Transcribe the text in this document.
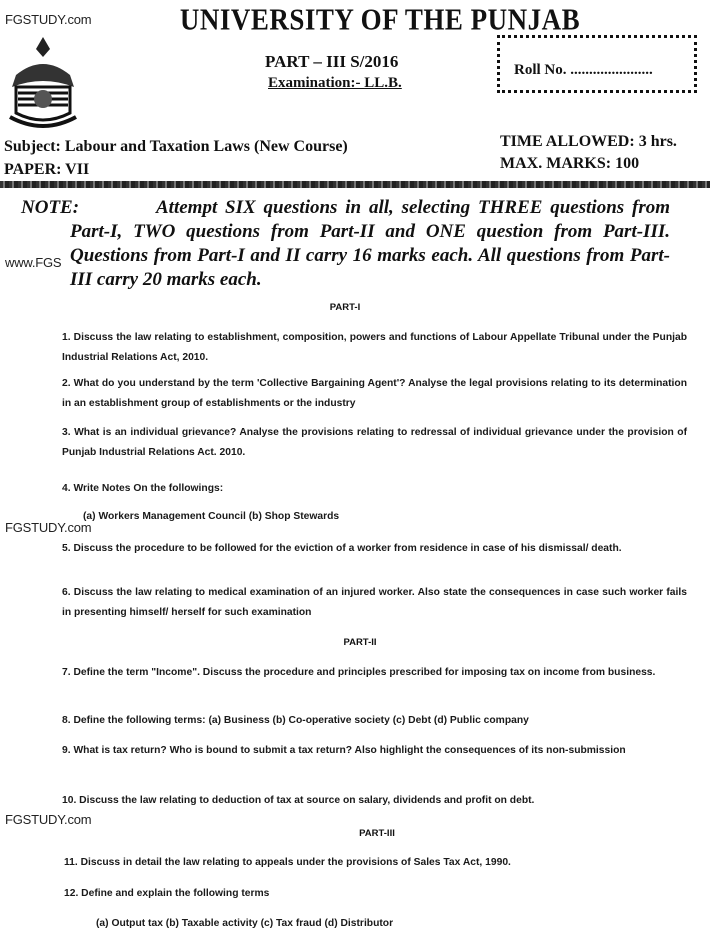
FGSTUDY.com	UNIVERSITY OF THE PUNJAB
PART – III S/2016
Examination:- LL.B.
Roll No. ......................
Subject: Labour and Taxation Laws (New Course)
PAPER: VII
TIME ALLOWED: 3 hrs.
MAX. MARKS: 100
NOTE:	Attempt SIX questions in all, selecting THREE questions from Part-I, TWO questions from Part-II and ONE question from Part-III. Questions from Part-I and II carry 16 marks each. All questions from Part-III carry 20 marks each.
www.FGS
PART-I
1. Discuss the law relating to establishment, composition, powers and functions of Labour Appellate Tribunal under the Punjab Industrial Relations Act, 2010.
2. What do you understand by the term 'Collective Bargaining Agent'? Analyse the legal provisions relating to its determination in an establishment group of establishments or the industry
3. What is an individual grievance? Analyse the provisions relating to redressal of individual grievance under the provision of Punjab Industrial Relations Act. 2010.
4. Write Notes On the followings:
(a) Workers Management Council (b) Shop Stewards
FGSTUDY.com
5. Discuss the procedure to be followed for the eviction of a worker from residence in case of his dismissal/ death.
6. Discuss the law relating to medical examination of an injured worker. Also state the consequences in case such worker fails in presenting himself/ herself for such examination
PART-II
7. Define the term "Income". Discuss the procedure and principles prescribed for imposing tax on income from business.
8. Define the following terms: (a) Business (b) Co-operative society (c) Debt (d) Public company
9. What is tax return? Who is bound to submit a tax return? Also highlight the consequences of its non-submission
10. Discuss the law relating to deduction of tax at source on salary, dividends and profit on debt.
FGSTUDY.com
PART-III
11. Discuss in detail the law relating to appeals under the provisions of Sales Tax Act, 1990.
12. Define and explain the following terms
(a) Output tax (b) Taxable activity (c) Tax fraud (d) Distributor
